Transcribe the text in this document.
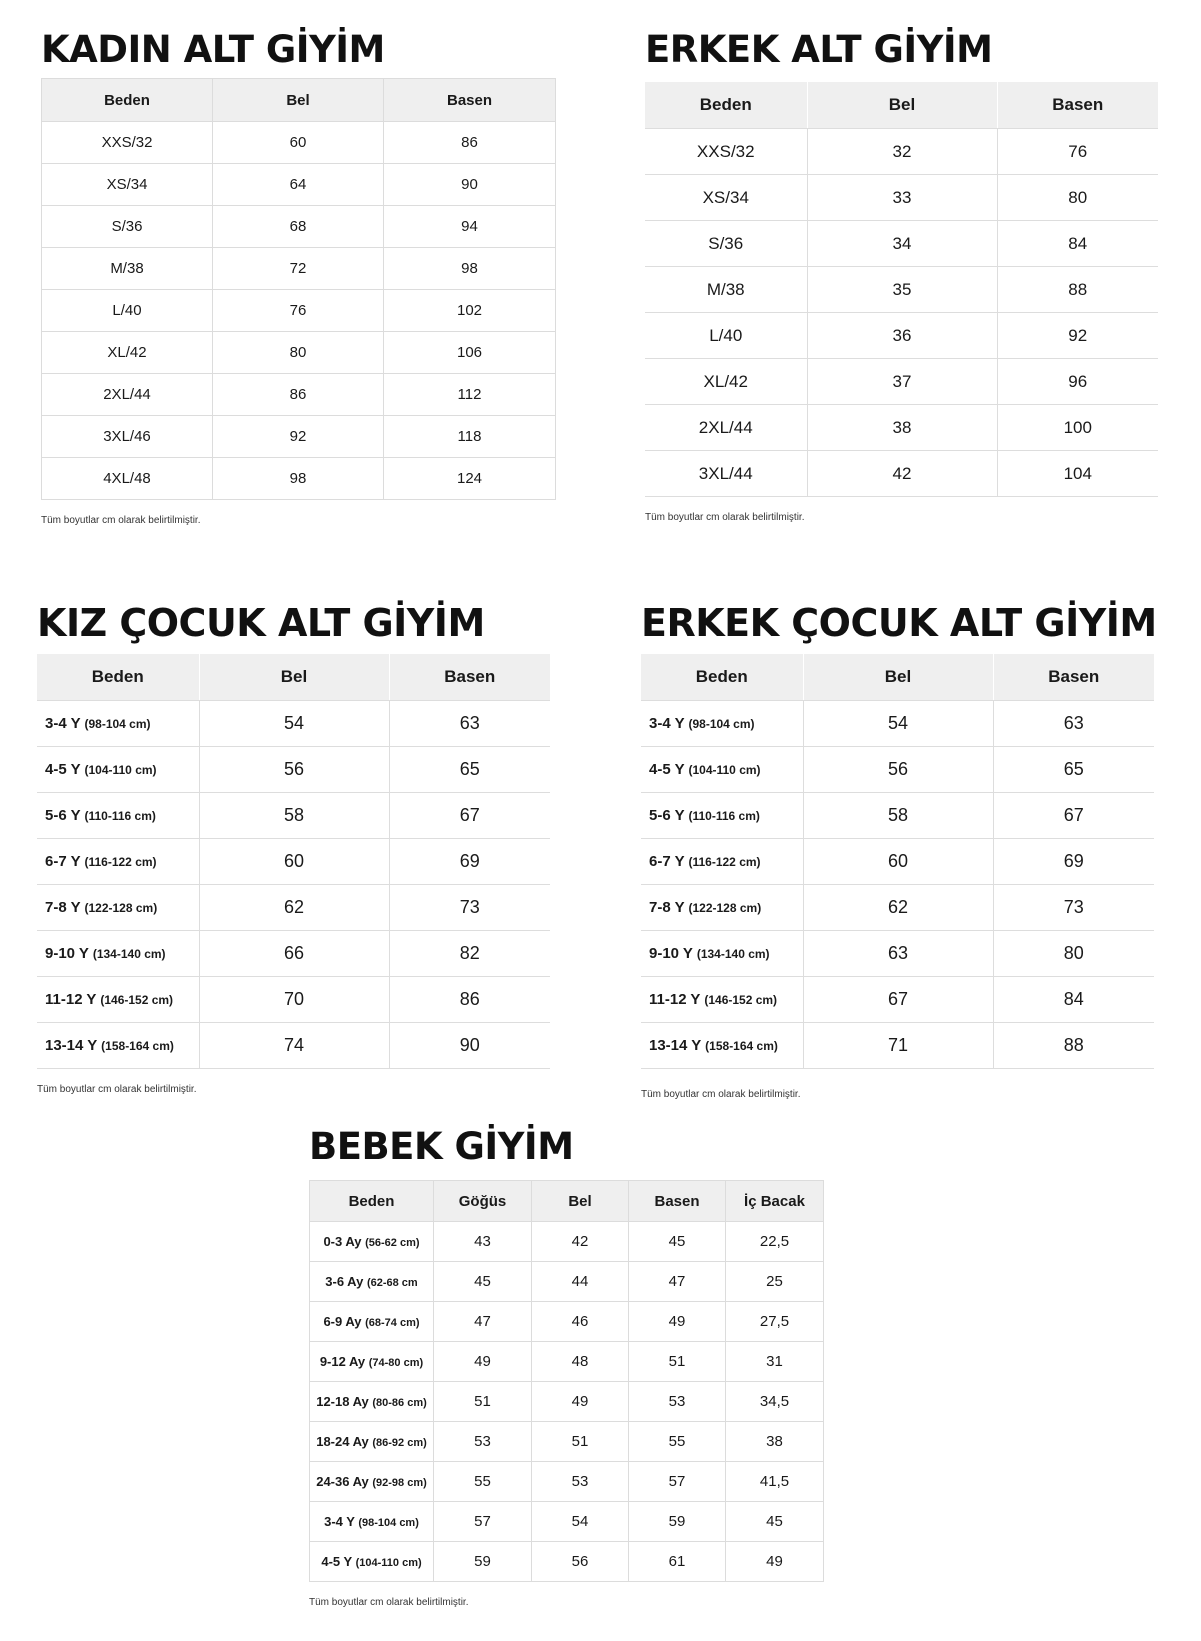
KADIN ALT GİYİM
Beden	Bel	Basen
XXS/32	60	86
XS/34	64	90
S/36	68	94
M/38	72	98
L/40	76	102
XL/42	80	106
2XL/44	86	112
3XL/46	92	118
4XL/48	98	124
Tüm boyutlar cm olarak belirtilmiştir.
ERKEK ALT GİYİM
Beden	Bel	Basen
XXS/32	32	76
XS/34	33	80
S/36	34	84
M/38	35	88
L/40	36	92
XL/42	37	96
2XL/44	38	100
3XL/44	42	104
Tüm boyutlar cm olarak belirtilmiştir.
KIZ ÇOCUK ALT GİYİM
Beden	Bel	Basen
3-4 Y (98-104 cm)	54	63
4-5 Y (104-110 cm)	56	65
5-6 Y (110-116 cm)	58	67
6-7 Y (116-122 cm)	60	69
7-8 Y (122-128 cm)	62	73
9-10 Y (134-140 cm)	66	82
11-12 Y (146-152 cm)	70	86
13-14 Y (158-164 cm)	74	90
Tüm boyutlar cm olarak belirtilmiştir.
ERKEK ÇOCUK ALT GİYİM
Beden	Bel	Basen
3-4 Y (98-104 cm)	54	63
4-5 Y (104-110 cm)	56	65
5-6 Y (110-116 cm)	58	67
6-7 Y (116-122 cm)	60	69
7-8 Y (122-128 cm)	62	73
9-10 Y (134-140 cm)	63	80
11-12 Y (146-152 cm)	67	84
13-14 Y (158-164 cm)	71	88
Tüm boyutlar cm olarak belirtilmiştir.
BEBEK GİYİM
Beden	Göğüs	Bel	Basen	İç Bacak
0-3 Ay (56-62 cm)	43	42	45	22,5
3-6 Ay (62-68 cm	45	44	47	25
6-9 Ay (68-74 cm)	47	46	49	27,5
9-12 Ay (74-80 cm)	49	48	51	31
12-18 Ay (80-86 cm)	51	49	53	34,5
18-24 Ay (86-92 cm)	53	51	55	38
24-36 Ay (92-98 cm)	55	53	57	41,5
3-4 Y (98-104 cm)	57	54	59	45
4-5 Y (104-110 cm)	59	56	61	49
Tüm boyutlar cm olarak belirtilmiştir.
